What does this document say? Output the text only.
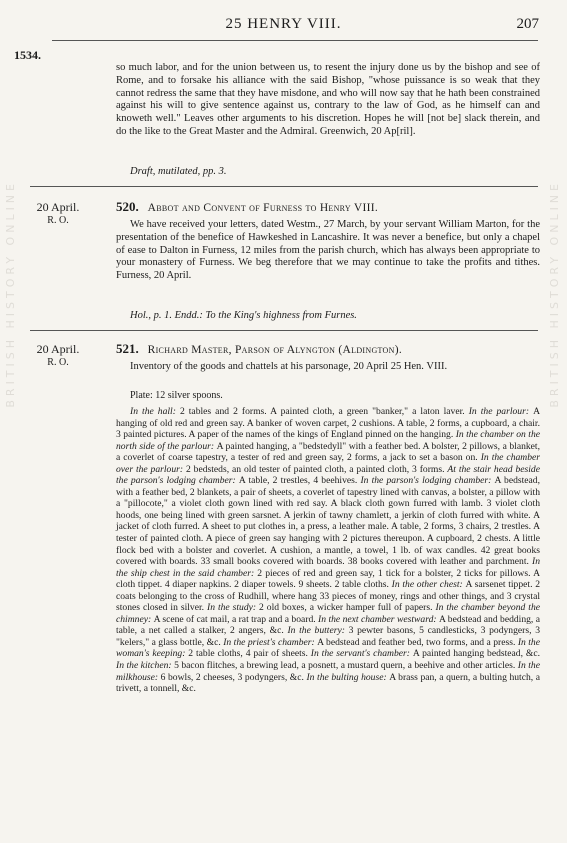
BRITISH HISTORY ONLINE	BRITISH HISTORY ONLINE
25 HENRY VIII.	207
1534.

so much labor, and for the union between us, to resent the injury done us by the bishop and see of Rome, and to forsake his alliance with the said Bishop, "whose puissance is so weak that they cannot redress the same that they have misdone, and who will now say that he hath been constrained against his will to give sentence against us, contrary to the law of God, as he himself can and knoweth well." Leaves other arguments to his discretion. Hopes he will [not be] slack therein, and do the like to the Great Master and the Admiral. Greenwich, 20 Ap[ril].

Draft, mutilated, pp. 3.

20 April.
R. O.
520. Abbot and Convent of Furness to Henry VIII.

We have received your letters, dated Westm., 27 March, by your servant William Marton, for the presentation of the benefice of Hawkeshed in Lancashire. It was never a benefice, but only a chapel of ease to Dalton in Furness, 12 miles from the parish church, which has always been appropriate to your monastery of Furness. We beg therefore that we may continue to take the profits and tithes. Furness, 20 April.

Hol., p. 1. Endd.: To the King's highness from Furnes.

20 April.
R. O.
521. Richard Master, Parson of Alyngton (Aldington).

Inventory of the goods and chattels at his parsonage, 20 April 25 Hen. VIII.

Plate: 12 silver spoons.

In the hall: 2 tables and 2 forms. A painted cloth, a green "banker," a laton laver. In the parlour: A hanging of old red and green say. A banker of woven carpet, 2 cushions. A table, 2 forms, a cupboard, a chair. 3 painted pictures. A paper of the names of the kings of England pinned on the hanging. In the chamber on the north side of the parlour: A painted hanging, a "bedstedyll" with a feather bed. A bolster, 2 pillows, a blanket, a coverlet of coarse tapestry, a tester of red and green say, 2 forms, a jack to set a bason on. In the chamber over the parlour: 2 bedsteds, an old tester of painted cloth, a painted cloth, 3 forms. At the stair head beside the parson's lodging chamber: A table, 2 trestles, 4 beehives. In the parson's lodging chamber: A bedstead, with a feather bed, 2 blankets, a pair of sheets, a coverlet of tapestry lined with canvas, a bolster, a pillow with a "pillocote," a violet cloth gown lined with red say. A black cloth gown furred with lamb. 3 violet cloth hoods, one being lined with green sarsnet. A jerkin of tawny chamlett, a jerkin of cloth furred with white. A jacket of cloth furred. A sheet to put clothes in, a press, a leather male. A table, 2 forms, 3 chairs, 2 trestles. A tester of painted cloth. A piece of green say hanging with 2 pictures thereupon. A cupboard, 2 chests. A little flock bed with a bolster and coverlet. A cushion, a mantle, a towel, 1 lb. of wax candles. 42 great books covered with boards. 33 small books covered with boards. 38 books covered with leather and parchment. In the ship chest in the said chamber: 2 pieces of red and green say, 1 tick for a bolster, 2 ticks for pillows. A cloth tippet. 4 diaper napkins. 2 diaper towels. 9 sheets. 2 table cloths. In the other chest: A sarsenet tippet. 2 coats belonging to the cross of Rudhill, where hang 33 pieces of money, rings and other things, and 3 crystal stones closed in silver. In the study: 2 old boxes, a wicker hamper full of papers. In the chamber beyond the chimney: A scene of cat mail, a rat trap and a board. In the next chamber westward: A bedstead and bedding, a table, a net called a stalker, 2 angers, &c. In the buttery: 3 pewter basons, 5 candlesticks, 3 podyngers, 3 "kelers," a glass bottle, &c. In the priest's chamber: A bedstead and feather bed, two forms, and a press. In the woman's keeping: 2 table cloths, 4 pair of sheets. In the servant's chamber: A painted hanging bedstead, &c. In the kitchen: 5 bacon flitches, a brewing lead, a posnett, a mustard quern, a beehive and other articles. In the milkhouse: 6 bowls, 2 cheeses, 3 podyngers, &c. In the bulting house: A brass pan, a quern, a bulting hutch, a trivett, a tonnell, &c.
